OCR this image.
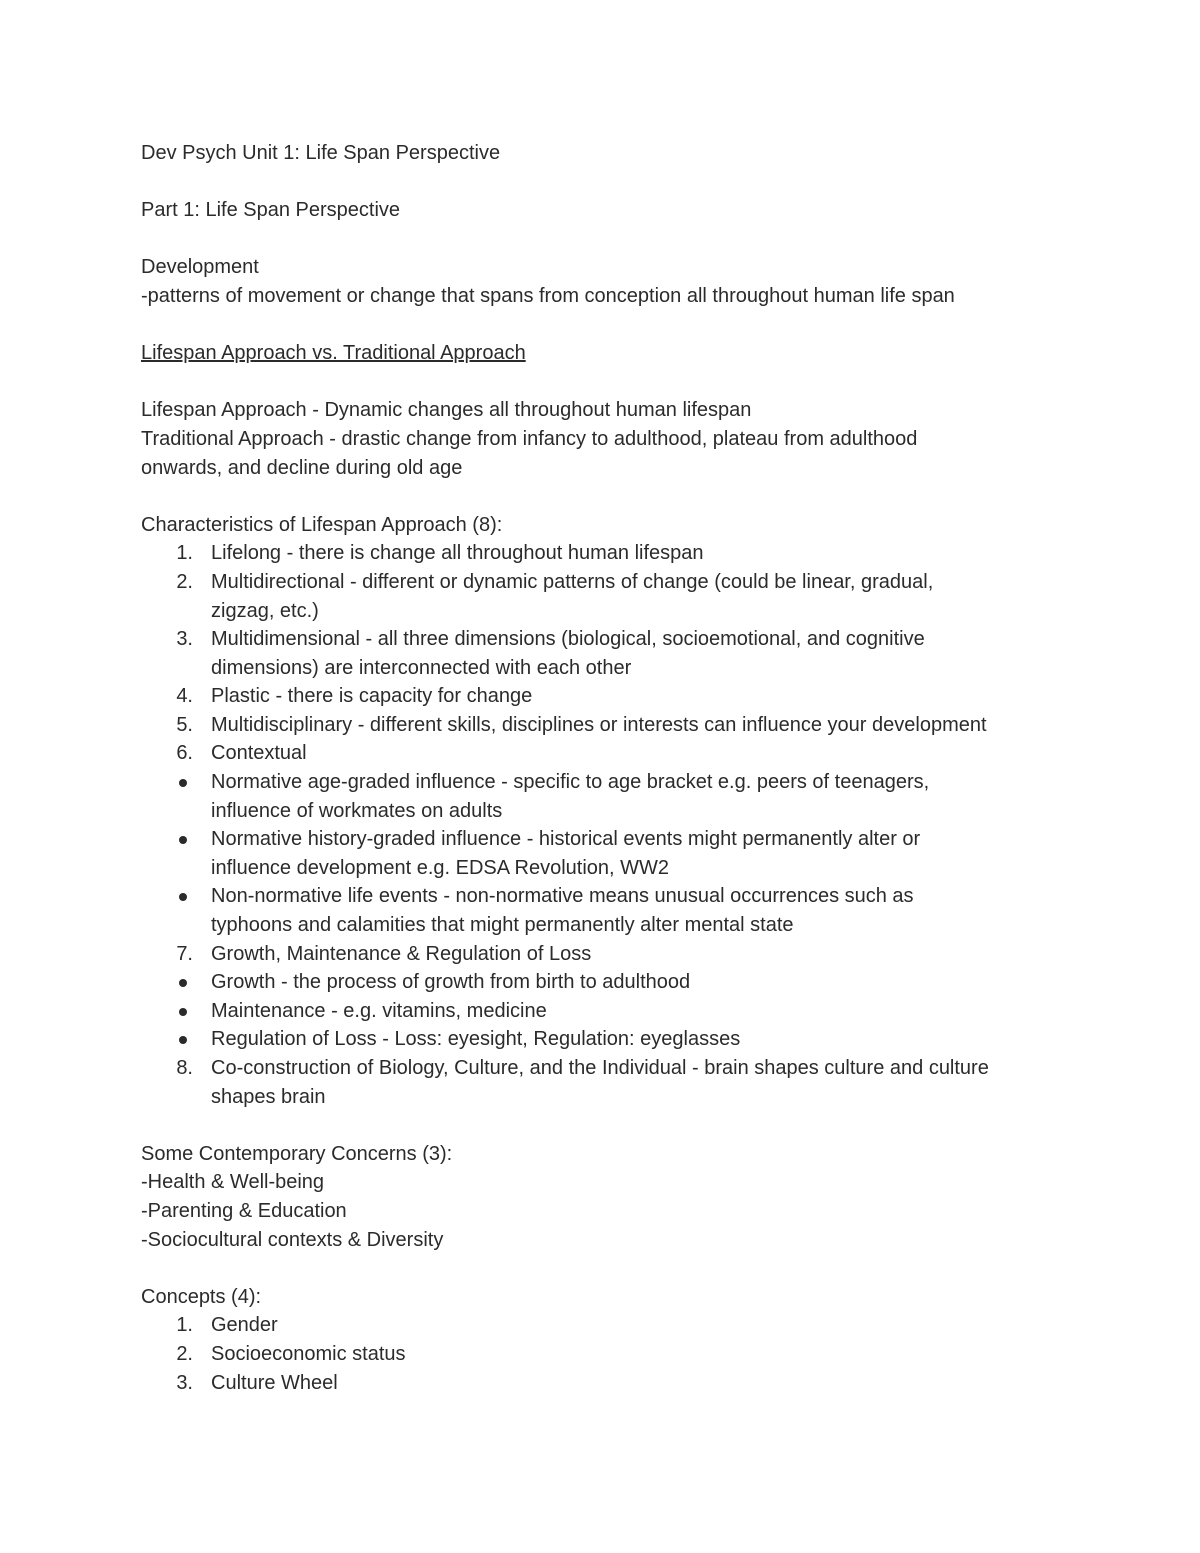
Dev Psych Unit 1: Life Span Perspective

Part 1: Life Span Perspective

Development

-patterns of movement or change that spans from conception all throughout human life span

Lifespan Approach vs. Traditional Approach

Lifespan Approach - Dynamic changes all throughout human lifespan

Traditional Approach - drastic change from infancy to adulthood, plateau from adulthood

onwards, and decline during old age

Characteristics of Lifespan Approach (8):

1. Lifelong - there is change all throughout human lifespan
2. Multidirectional - different or dynamic patterns of change (could be linear, gradual,
zigzag, etc.)
3. Multidimensional - all three dimensions (biological, socioemotional, and cognitive
dimensions) are interconnected with each other
4. Plastic - there is capacity for change
5. Multidisciplinary - different skills, disciplines or interests can influence your development
6. Contextual
Normative age-graded influence - specific to age bracket e.g. peers of teenagers,
influence of workmates on adults
Normative history-graded influence - historical events might permanently alter or
influence development e.g. EDSA Revolution, WW2
Non-normative life events - non-normative means unusual occurrences such as
typhoons and calamities that might permanently alter mental state
7. Growth, Maintenance & Regulation of Loss
Growth - the process of growth from birth to adulthood
Maintenance - e.g. vitamins, medicine
Regulation of Loss - Loss: eyesight, Regulation: eyeglasses
8. Co-construction of Biology, Culture, and the Individual - brain shapes culture and culture
shapes brain

Some Contemporary Concerns (3):

-Health & Well-being

-Parenting & Education

-Sociocultural contexts & Diversity

Concepts (4):

1. Gender
2. Socioeconomic status
3. Culture Wheel
